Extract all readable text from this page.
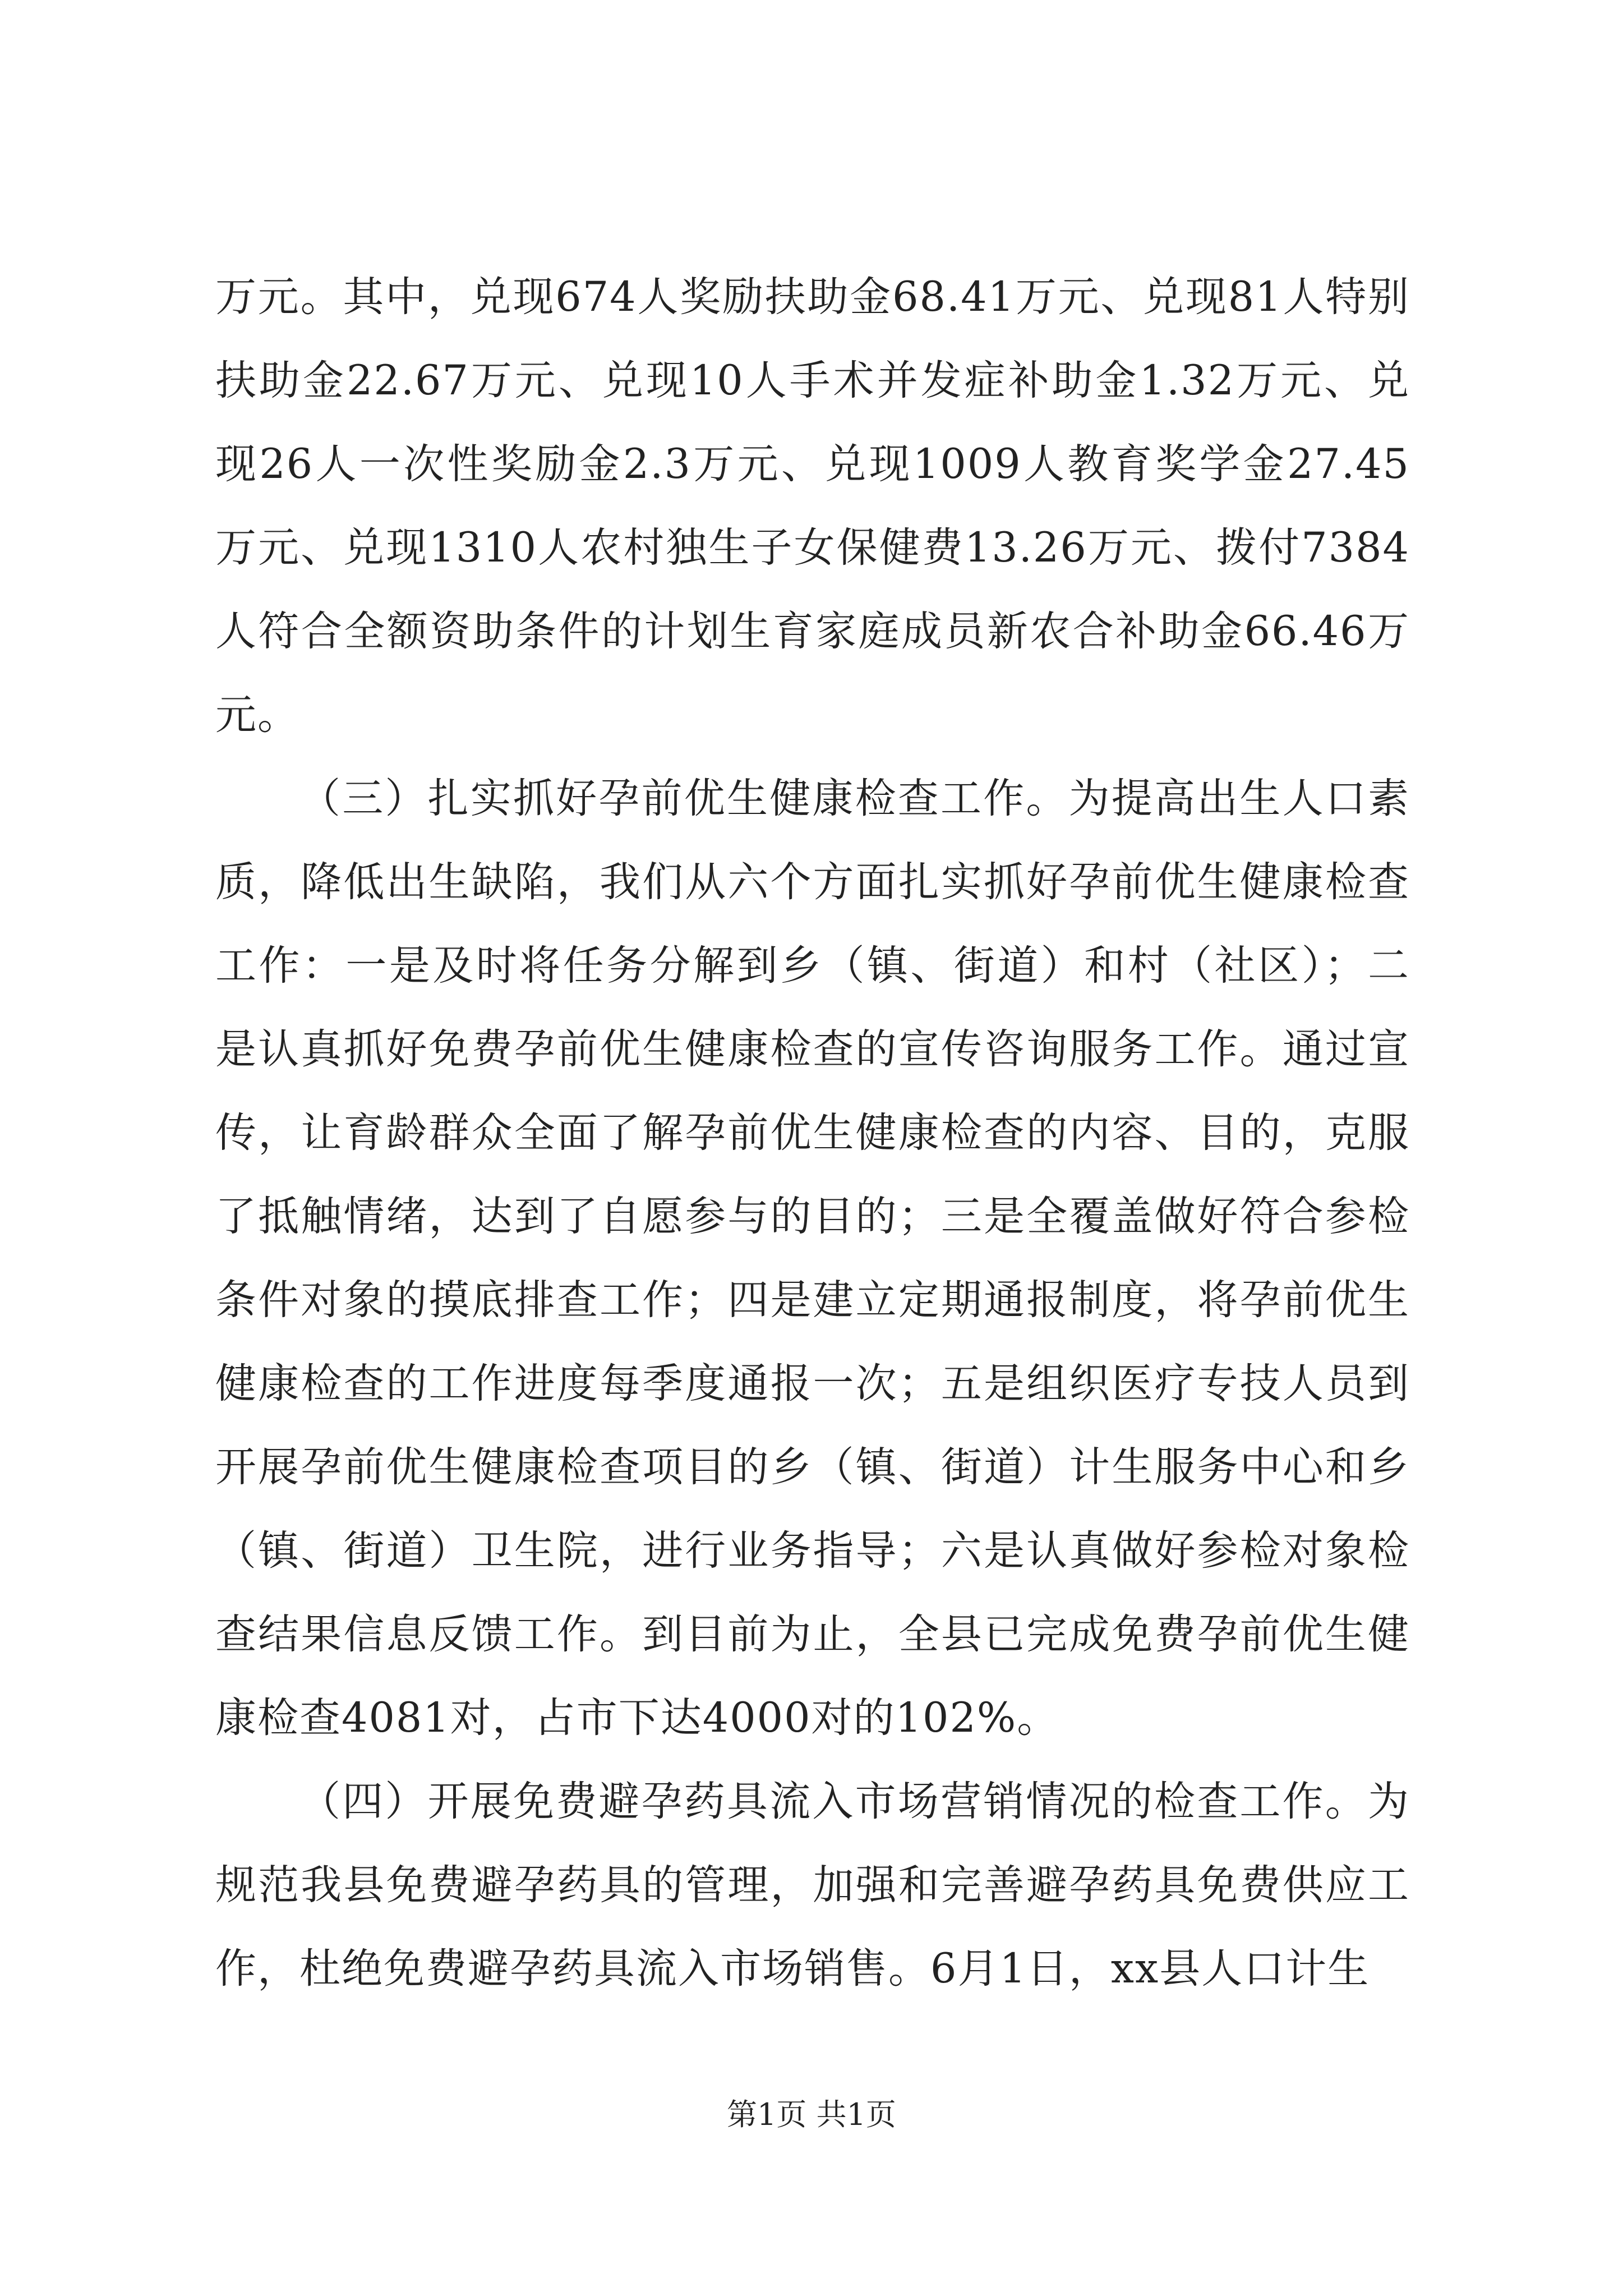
万元。其中，兑现674人奖励扶助金68.41万元、兑现81人特别扶助金22.67万元、兑现10人手术并发症补助金1.32万元、兑现26人一次性奖励金2.3万元、兑现1009人教育奖学金27.45万元、兑现1310人农村独生子女保健费13.26万元、拨付7384人符合全额资助条件的计划生育家庭成员新农合补助金66.46万元。

（三）扎实抓好孕前优生健康检查工作。为提高出生人口素质，降低出生缺陷，我们从六个方面扎实抓好孕前优生健康检查工作：一是及时将任务分解到乡（镇、街道）和村（社区）；二是认真抓好免费孕前优生健康检查的宣传咨询服务工作。通过宣传，让育龄群众全面了解孕前优生健康检查的内容、目的，克服了抵触情绪，达到了自愿参与的目的；三是全覆盖做好符合参检条件对象的摸底排查工作；四是建立定期通报制度，将孕前优生健康检查的工作进度每季度通报一次；五是组织医疗专技人员到开展孕前优生健康检查项目的乡（镇、街道）计生服务中心和乡（镇、街道）卫生院，进行业务指导；六是认真做好参检对象检查结果信息反馈工作。到目前为止，全县已完成免费孕前优生健康检查4081对，占市下达4000对的102%。

（四）开展免费避孕药具流入市场营销情况的检查工作。为规范我县免费避孕药具的管理，加强和完善避孕药具免费供应工作，杜绝免费避孕药具流入市场销售。6月1日，xx县人口计生

第1页 共1页
